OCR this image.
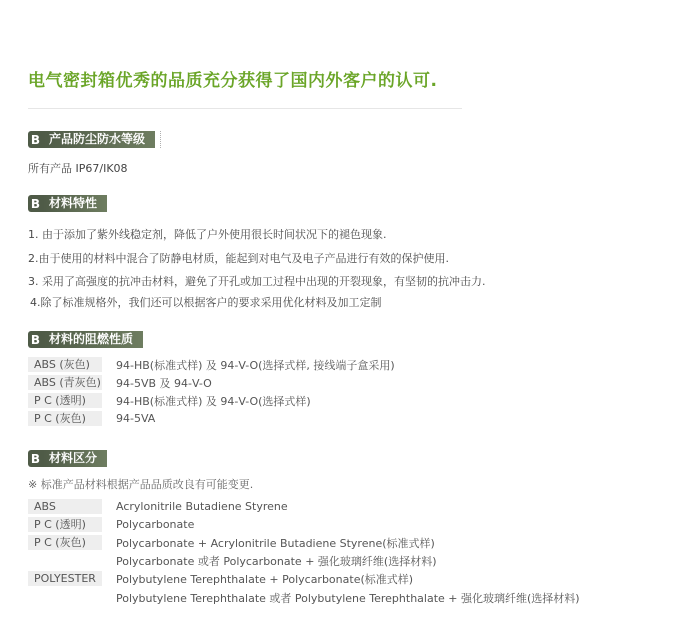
电气密封箱优秀的品质充分获得了国内外客户的认可.
B 产品防尘防水等级
所有产品 IP67/IK08
B 材料特性
1. 由于添加了紫外线稳定剂，降低了户外使用很长时间状况下的褪色现象.
2.由于使用的材料中混合了防静电材质，能起到对电气及电子产品进行有效的保护使用.
3. 采用了高强度的抗冲击材料，避免了开孔或加工过程中出现的开裂现象，有坚韧的抗冲击力.
4.除了标准规格外，我们还可以根据客户的要求采用优化材料及加工定制
B 材料的阻燃性质
ABS (灰色)	94-HB(标准式样) 及 94-V-O(选择式样, 接线端子盒采用)
ABS (青灰色) 94-5VB 及 94-V-O
P C (透明)	94-HB(标准式样) 及 94-V-O(选择式样)
P C (灰色)	94-5VA
B 材料区分
※ 标准产品材料根据产品品质改良有可能变更.
ABS	Acrylonitrile Butadiene Styrene
P C (透明)	Polycarbonate
P C (灰色)	Polycarbonate + Acrylonitrile Butadiene Styrene(标准式样)
Polycarbonate 或者 Polycarbonate + 强化玻璃纤维(选择材料)
POLYESTER	Polybutylene Terephthalate + Polycarbonate(标准式样)
Polybutylene Terephthalate 或者 Polybutylene Terephthalate + 强化玻璃纤维(选择材料)
